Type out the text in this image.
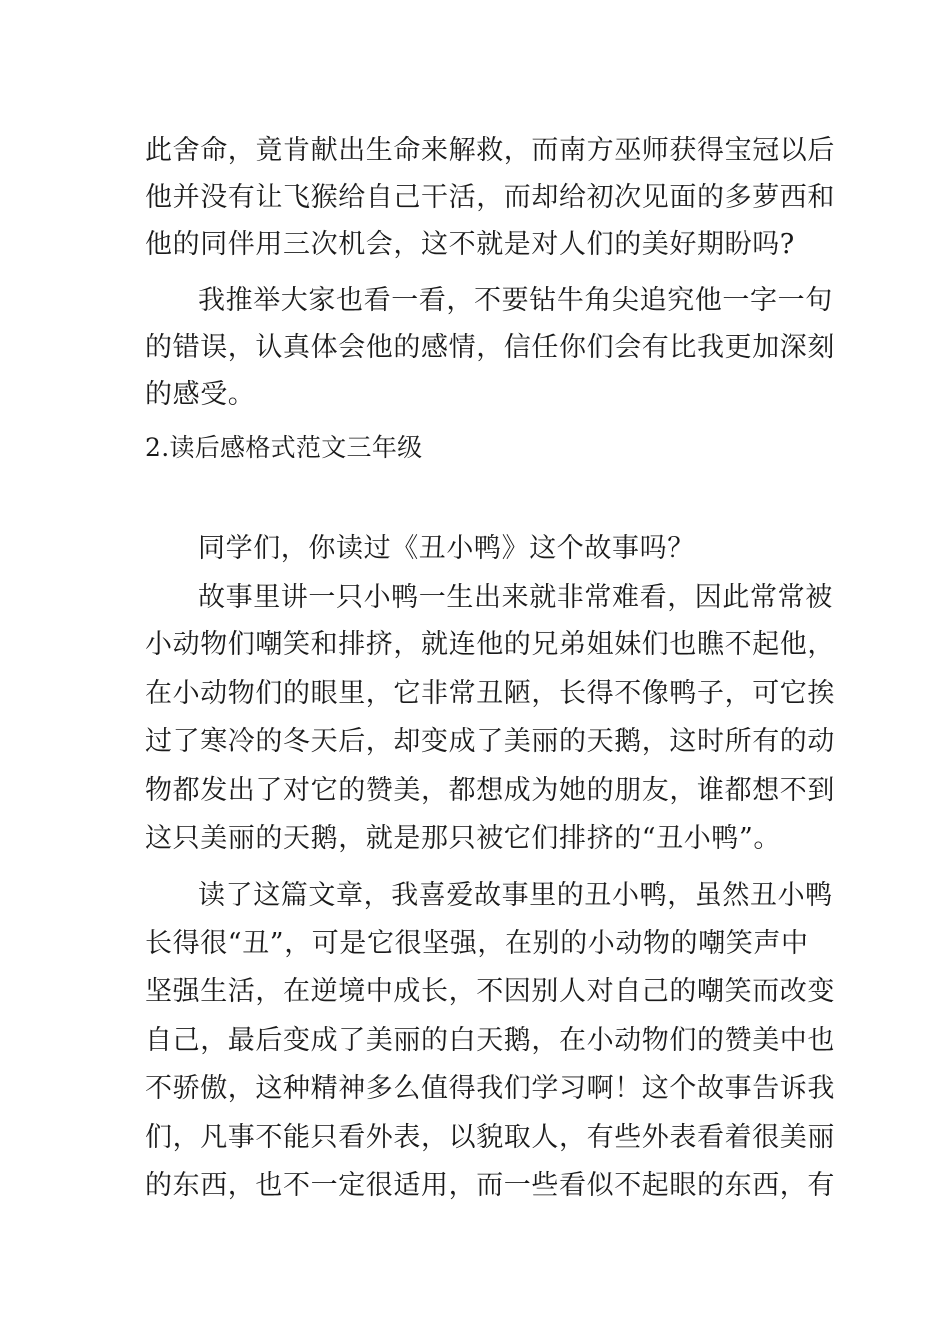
此舍命，竟肯献出生命来解救，而南方巫师获得宝冠以后
他并没有让飞猴给自己干活，而却给初次见面的多萝西和
他的同伴用三次机会，这不就是对人们的美好期盼吗?
我推举大家也看一看，不要钻牛角尖追究他一字一句
的错误，认真体会他的感情，信任你们会有比我更加深刻
的感受。
2.读后感格式范文三年级
同学们，你读过《丑小鸭》这个故事吗？
故事里讲一只小鸭一生出来就非常难看，因此常常被
小动物们嘲笑和排挤，就连他的兄弟姐妹们也瞧不起他，
在小动物们的眼里，它非常丑陋，长得不像鸭子，可它挨
过了寒冷的冬天后，却变成了美丽的天鹅，这时所有的动
物都发出了对它的赞美，都想成为她的朋友，谁都想不到
这只美丽的天鹅，就是那只被它们排挤的“丑小鸭”。
读了这篇文章，我喜爱故事里的丑小鸭，虽然丑小鸭
长得很“丑”，可是它很坚强，在别的小动物的嘲笑声中
坚强生活，在逆境中成长，不因别人对自己的嘲笑而改变
自己，最后变成了美丽的白天鹅，在小动物们的赞美中也
不骄傲，这种精神多么值得我们学习啊！这个故事告诉我
们，凡事不能只看外表，以貌取人，有些外表看着很美丽
的东西，也不一定很适用，而一些看似不起眼的东西，有
